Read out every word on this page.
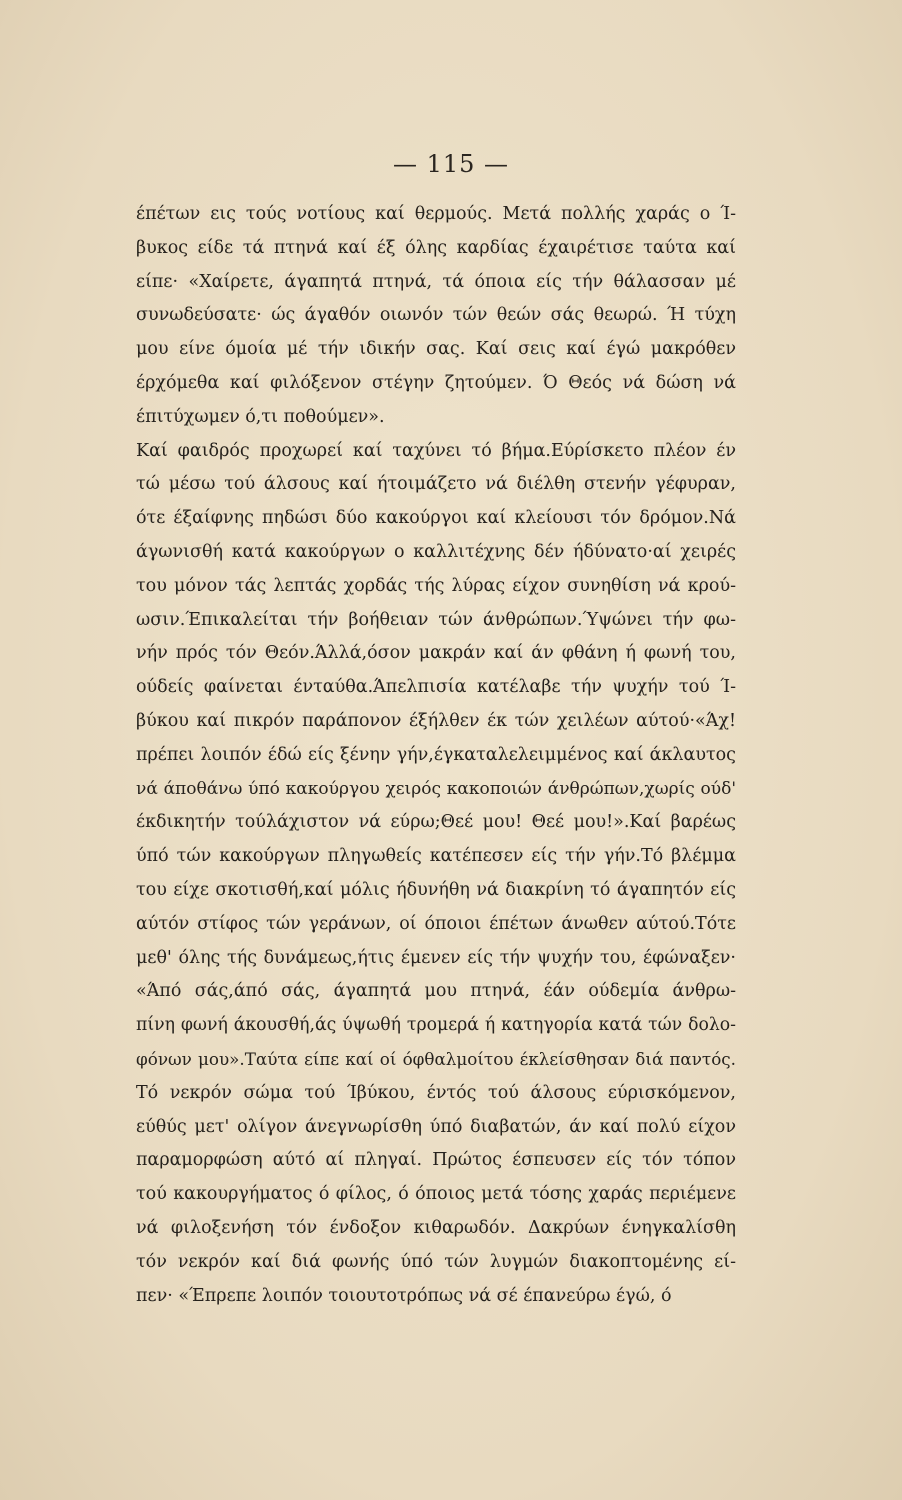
— 115 —
έπέτων εις τούς νοτίους καί θερμούς. Μετά πολλής χαράς ο Ί-
βυκος είδε τά πτηνά καί έξ όλης καρδίας έχαιρέτισε ταύτα καί
είπε· «Χαίρετε, άγαπητά πτηνά, τά όποια είς τήν θάλασσαν μέ
συνωδεύσατε· ώς άγαθόν οιωνόν τών θεών σάς θεωρώ. Ή τύχη
μου είνε όμοία μέ τήν ιδικήν σας. Καί σεις καί έγώ μακρόθεν
έρχόμεθα καί φιλόξενον στέγην ζητούμεν. Ό Θεός νά δώση νά
έπιτύχωμεν ό,τι ποθούμεν».
Καί φαιδρός προχωρεί καί ταχύνει τό βήμα.Εύρίσκετο πλέον έν
τώ μέσω τού άλσους καί ήτοιμάζετο νά διέλθη στενήν γέφυραν,
ότε έξαίφνης πηδώσι δύο κακούργοι καί κλείουσι τόν δρόμον.Νά
άγωνισθή κατά κακούργων ο καλλιτέχνης δέν ήδύνατο·αί χειρές
του μόνον τάς λεπτάς χορδάς τής λύρας είχον συνηθίση νά κρού-
ωσιν.Έπικαλείται τήν βοήθειαν τών άνθρώπων.Ύψώνει τήν φω-
νήν πρός τόν Θεόν.Άλλά,όσον μακράν καί άν φθάνη ή φωνή του,
ούδείς φαίνεται ένταύθα.Άπελπισία κατέλαβε τήν ψυχήν τού Ί-
βύκου καί πικρόν παράπονον έξήλθεν έκ τών χειλέων αύτού·«Άχ!
πρέπει λοιπόν έδώ είς ξένην γήν,έγκαταλελειμμένος καί άκλαυτος
νά άποθάνω ύπό κακούργου χειρός κακοποιών άνθρώπων,χωρίς ούδ'
έκδικητήν τούλάχιστον νά εύρω;Θεέ μου! Θεέ μου!».Καί βαρέως
ύπό τών κακούργων πληγωθείς κατέπεσεν είς τήν γήν.Τό βλέμμα
του είχε σκοτισθή,καί μόλις ήδυνήθη νά διακρίνη τό άγαπητόν είς
αύτόν στίφος τών γεράνων, οί όποιοι έπέτων άνωθεν αύτού.Τότε
μεθ' όλης τής δυνάμεως,ήτις έμενεν είς τήν ψυχήν του, έφώναξεν·
«Άπό σάς,άπό σάς, άγαπητά μου πτηνά, έάν ούδεμία άνθρω-
πίνη φωνή άκουσθή,άς ύψωθή τρομερά ή κατηγορία κατά τών δολο-
φόνων μου».Ταύτα είπε καί οί όφθαλμοίτου έκλείσθησαν διά παντός.
Τό νεκρόν σώμα τού Ίβύκου, έντός τού άλσους εύρισκόμενον,
εύθύς μετ' ολίγον άνεγνωρίσθη ύπό διαβατών, άν καί πολύ είχον
παραμορφώση αύτό αί πληγαί. Πρώτος έσπευσεν είς τόν τόπον
τού κακουργήματος ό φίλος, ό όποιος μετά τόσης χαράς περιέμενε
νά φιλοξενήση τόν ένδοξον κιθαρωδόν. Δακρύων ένηγκαλίσθη
τόν νεκρόν καί διά φωνής ύπό τών λυγμών διακοπτομένης εί-
πεν· «Έπρεπε λοιπόν τοιουτοτρόπως νά σέ έπανεύρω έγώ, ό
